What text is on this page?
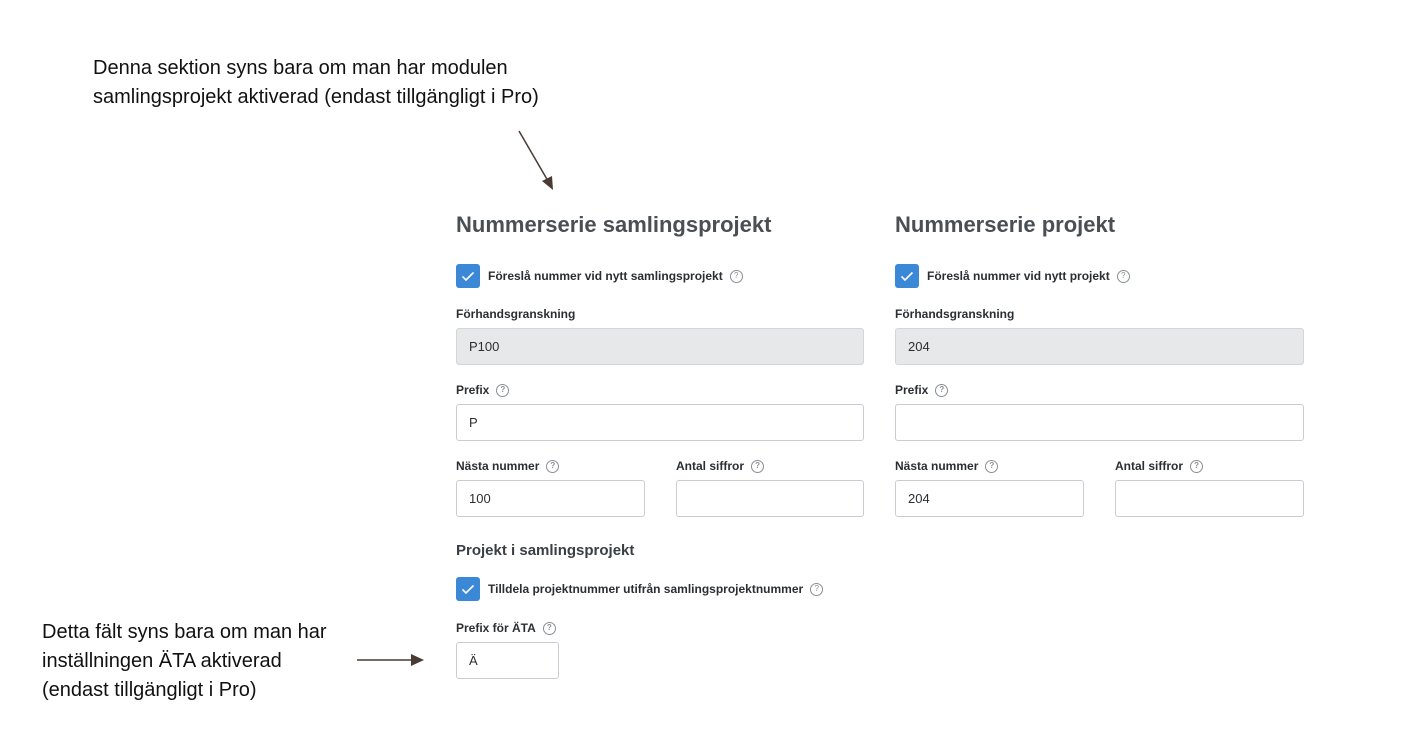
Denna sektion syns bara om man har modulen
samlingsprojekt aktiverad (endast tillgängligt i Pro)
Detta fält syns bara om man har
inställningen ÄTA aktiverad
(endast tillgängligt i Pro)
Nummerserie samlingsprojekt
Föreslå nummer vid nytt samlingsprojekt	?
Förhandsgranskning
P100
Prefix	?
P
Nästa nummer	?
100
Antal siffror	?
Projekt i samlingsprojekt
Tilldela projektnummer utifrån samlingsprojektnummer	?
Prefix för ÄTA	?
Ä
Nummerserie projekt
Föreslå nummer vid nytt projekt	?
Förhandsgranskning
204
Prefix	?
Nästa nummer	?
204
Antal siffror	?
